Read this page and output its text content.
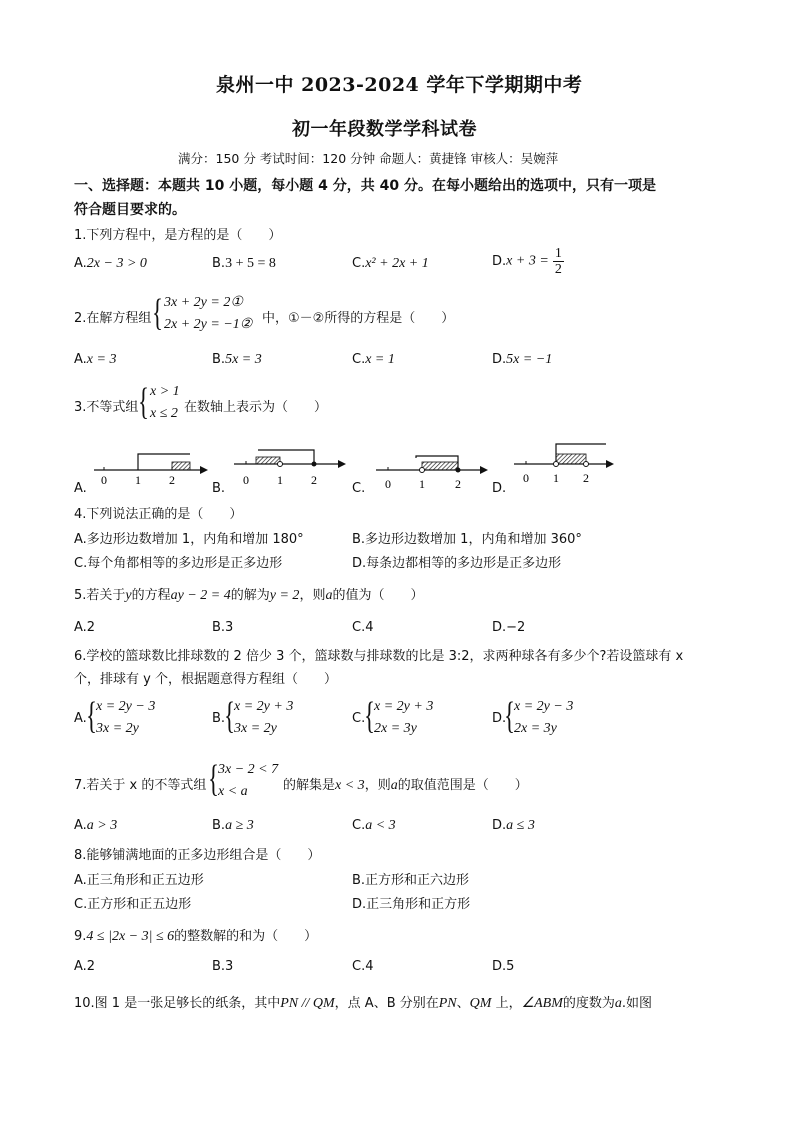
泉州一中 2023-2024 学年下学期期中考
初一年段数学学科试卷
满分：150 分 考试时间：120 分钟 命题人：黄捷锋 审核人：吴婉萍
一、选择题：本题共 10 小题，每小题 4 分，共 40 分。在每小题给出的选项中，只有一项是
符合题目要求的。
1.下列方程中，是方程的是（　　）
A.2x − 3 > 0	B.3 + 5 = 8	C.x² + 2x + 1	$D.x + 3 = \frac{1}{2}$
2.在解方程组 { 3x + 2y = 2①
2x + 2y = −1② 中，①－②所得的方程是（　　）
A.x = 3	B.5x = 3	C.x = 1	D.5x = −1
3.不等式组 { x > 1
x ≤ 2 在数轴上表示为（　　）
0 1 2	0 1 2	0 1	2	0 1 2
A.	B.	C.	D.
4.下列说法正确的是（　　）
A.多边形边数增加 1，内角和增加 180°	B.多边形边数增加 1，内角和增加 360°
C.每个角都相等的多边形是正多边形	D.每条边都相等的多边形是正多边形
5.若关于y的方程ay − 2 = 4的解为y = 2，则a的值为（　　）
A.2	B.3	C.4	D.−2
6.学校的篮球数比排球数的 2 倍少 3 个，篮球数与排球数的比是 3:2，求两种球各有多少个?若设篮球有 x
个，排球有 y 个，根据题意得方程组（　　）
A. { x = 2y − 3
3x = 2y
B.
{ x = 2y + 3
3x = 2y
C.
{ x = 2y + 3
2x = 3y
D.
{ x = 2y − 3
2x = 3y
7.若关于 x 的不等式组 { 3x − 2 < 7
x < a	的解集是x < 3，则a的取值范围是（　　）
A.a > 3	B.a ≥ 3	C.a < 3	D.a ≤ 3
8.能够铺满地面的正多边形组合是（　　）
A.正三角形和正五边形	B.正方形和正六边形
C.正方形和正五边形	D.正三角形和正方形
9.4 ≤ |2x − 3| ≤ 6的整数解的和为（　　）
A.2	B.3	C.4	D.5
10.图 1 是一张足够长的纸条，其中PN // QM，点 A、B 分别在PN、QM 上，∠ABM的度数为a.如图
